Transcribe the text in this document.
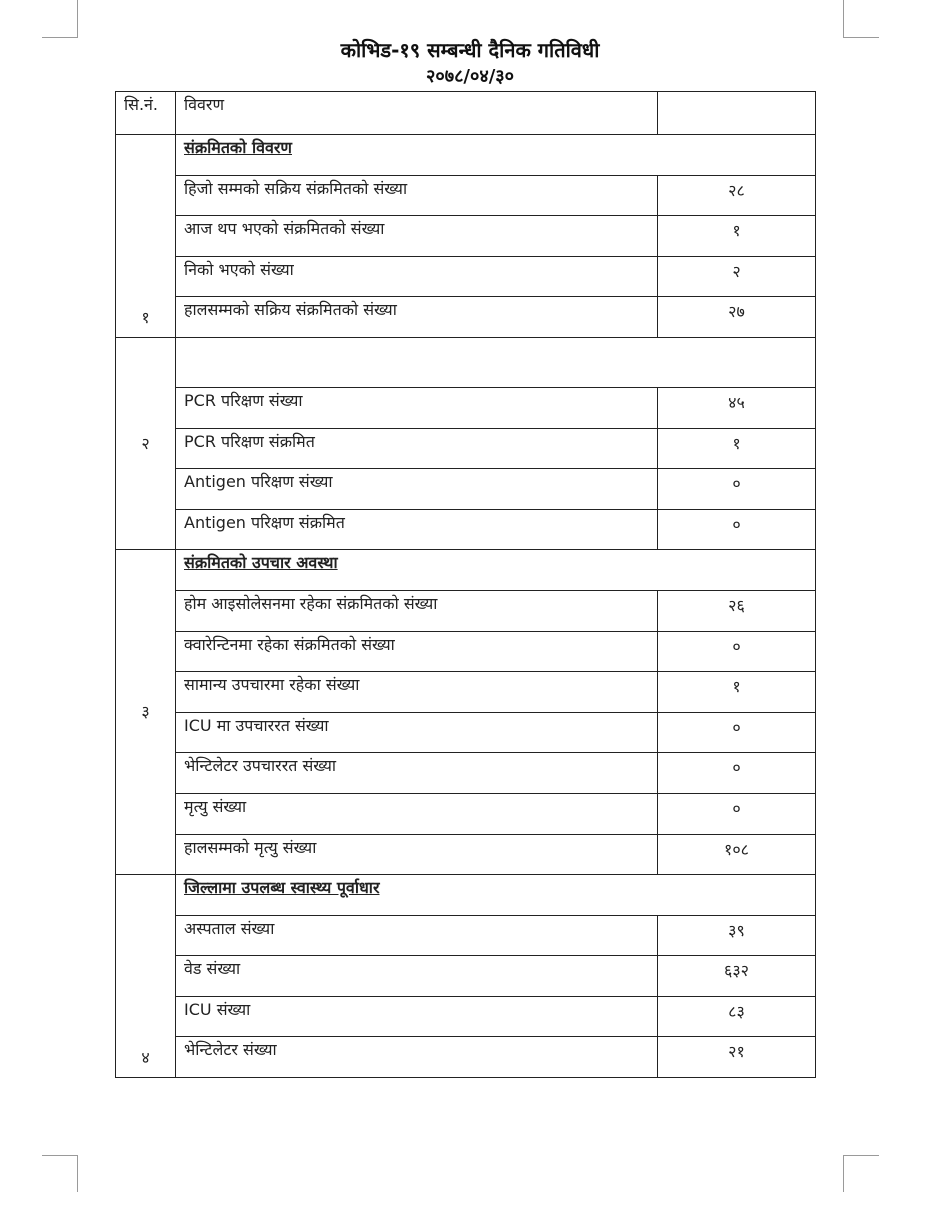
कोभिड-१९ सम्बन्धी दैनिक गतिविधी
२०७८/०४/३०
सि.नं.	विवरण	
१	संक्रमितको विवरण	
	हिजो सम्मको सक्रिय संक्रमितको संख्या	२८
	आज थप भएको संक्रमितको संख्या	१
	निको भएको संख्या	२
	हालसम्मको सक्रिय संक्रमितको संख्या	२७
२		
	PCR परिक्षण संख्या	४५
	PCR परिक्षण संक्रमित	१
	Antigen परिक्षण संख्या	०
	Antigen परिक्षण संक्रमित	०
३	संक्रमितको उपचार अवस्था	
	होम आइसोलेसनमा रहेका संक्रमितको संख्या	२६
	क्वारेन्टिनमा रहेका संक्रमितको संख्या	०
	सामान्य उपचारमा रहेका संख्या	१
	ICU मा उपचाररत संख्या	०
	भेन्टिलेटर उपचाररत संख्या	०
	मृत्यु संख्या	०
	हालसम्मको मृत्यु संख्या	१०८
४	जिल्लामा उपलब्ध स्वास्थ्य पूर्वाधार	
	अस्पताल संख्या	३९
	वेड संख्या	६३२
	ICU संख्या	८३
	भेन्टिलेटर संख्या	२१
